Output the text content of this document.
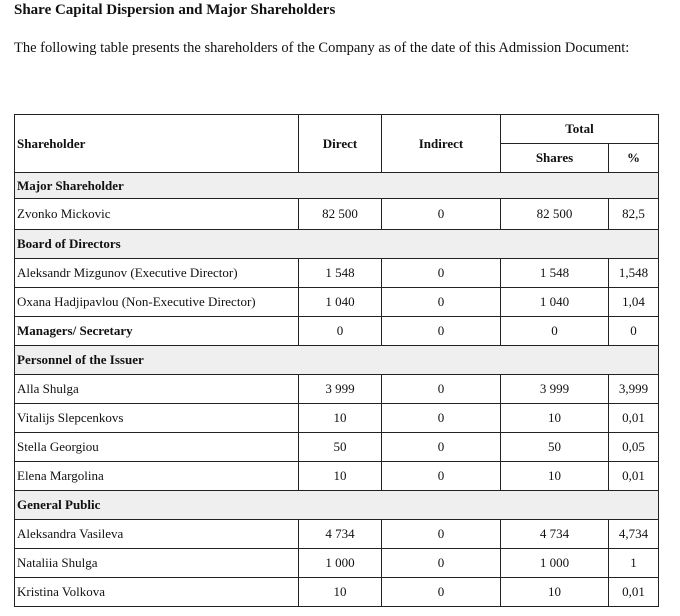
Share Capital Dispersion and Major Shareholders
The following table presents the shareholders of the Company as of the date of this Admission Document:
Shareholder	Direct	Indirect	Total	
			Shares	%
Major Shareholder				
Zvonko Mickovic	82 500	0	82 500	82,5
Board of Directors				
Aleksandr Mizgunov (Executive Director)	1 548	0	1 548	1,548
Oxana Hadjipavlou (Non-Executive Director)	1 040	0	1 040	1,04
Managers/ Secretary	0	0	0	0
Personnel of the Issuer				
Alla Shulga	3 999	0	3 999	3,999
Vitalijs Slepcenkovs	10	0	10	0,01
Stella Georgiou	50	0	50	0,05
Elena Margolina	10	0	10	0,01
General Public				
Aleksandra Vasileva	4 734	0	4 734	4,734
Nataliia Shulga	1 000	0	1 000	1
Kristina Volkova	10	0	10	0,01
